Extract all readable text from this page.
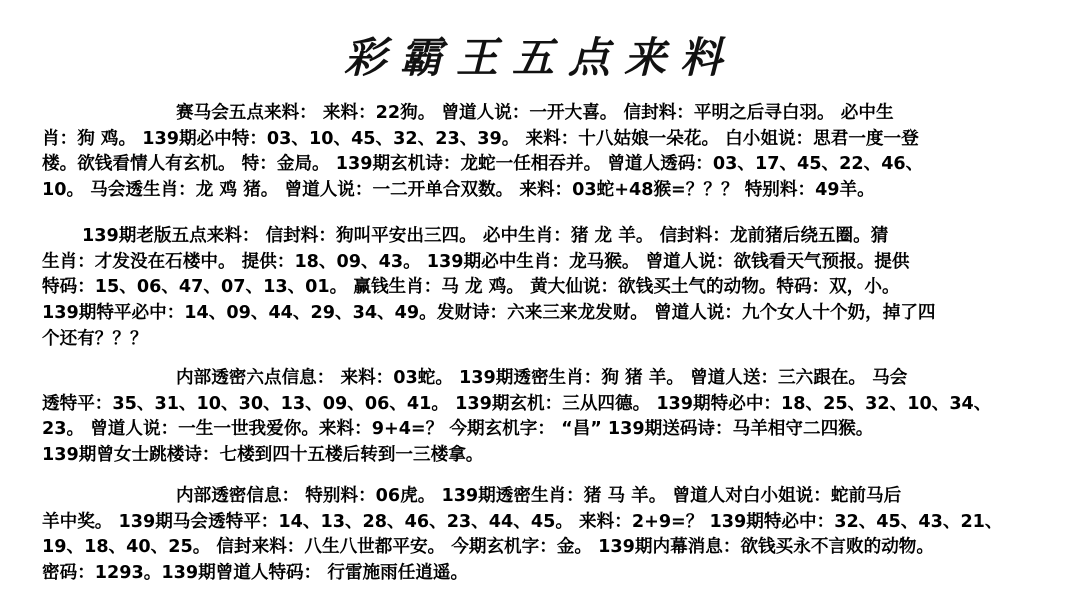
彩霸王五点来料
赛马会五点来料： 来料：22狗。 曾道人说：一开大喜。 信封料：平明之后寻白羽。 必中生
肖：狗 鸡。 139期必中特：03、10、45、32、23、39。 来料：十八姑娘一朵花。 白小姐说：思君一度一登
楼。欲钱看情人有玄机。 特：金局。 139期玄机诗：龙蛇一任相吞并。 曾道人透码：03、17、45、22、46、
10。 马会透生肖：龙 鸡 猪。 曾道人说：一二开单合双数。 来料：03蛇+48猴=？？？ 特别料：49羊。
139期老版五点来料： 信封料：狗叫平安出三四。 必中生肖：猪 龙 羊。 信封料：龙前猪后绕五圈。猜
生肖：才发没在石楼中。 提供：18、09、43。 139期必中生肖：龙马猴。 曾道人说：欲钱看天气预报。提供
特码：15、06、47、07、13、01。 赢钱生肖：马 龙 鸡。 黄大仙说：欲钱买土气的动物。特码：双，小。
139期特平必中：14、09、44、29、34、49。发财诗：六来三来龙发财。 曾道人说：九个女人十个奶，掉了四
个还有？？？
内部透密六点信息： 来料：03蛇。 139期透密生肖：狗 猪 羊。 曾道人送：三六跟在。 马会
透特平：35、31、10、30、13、09、06、41。 139期玄机：三从四德。 139期特必中：18、25、32、10、34、
23。 曾道人说：一生一世我爱你。来料：9+4=？ 今期玄机字： “昌” 139期送码诗：马羊相守二四猴。
139期曾女士跳楼诗：七楼到四十五楼后转到一三楼拿。
内部透密信息： 特别料：06虎。 139期透密生肖：猪 马 羊。 曾道人对白小姐说：蛇前马后
羊中奖。 139期马会透特平：14、13、28、46、23、44、45。 来料：2+9=？ 139期特必中：32、45、43、21、
19、18、40、25。 信封来料：八生八世都平安。 今期玄机字：金。 139期内幕消息：欲钱买永不言败的动物。
密码：1293。139期曾道人特码： 行雷施雨任逍遥。
